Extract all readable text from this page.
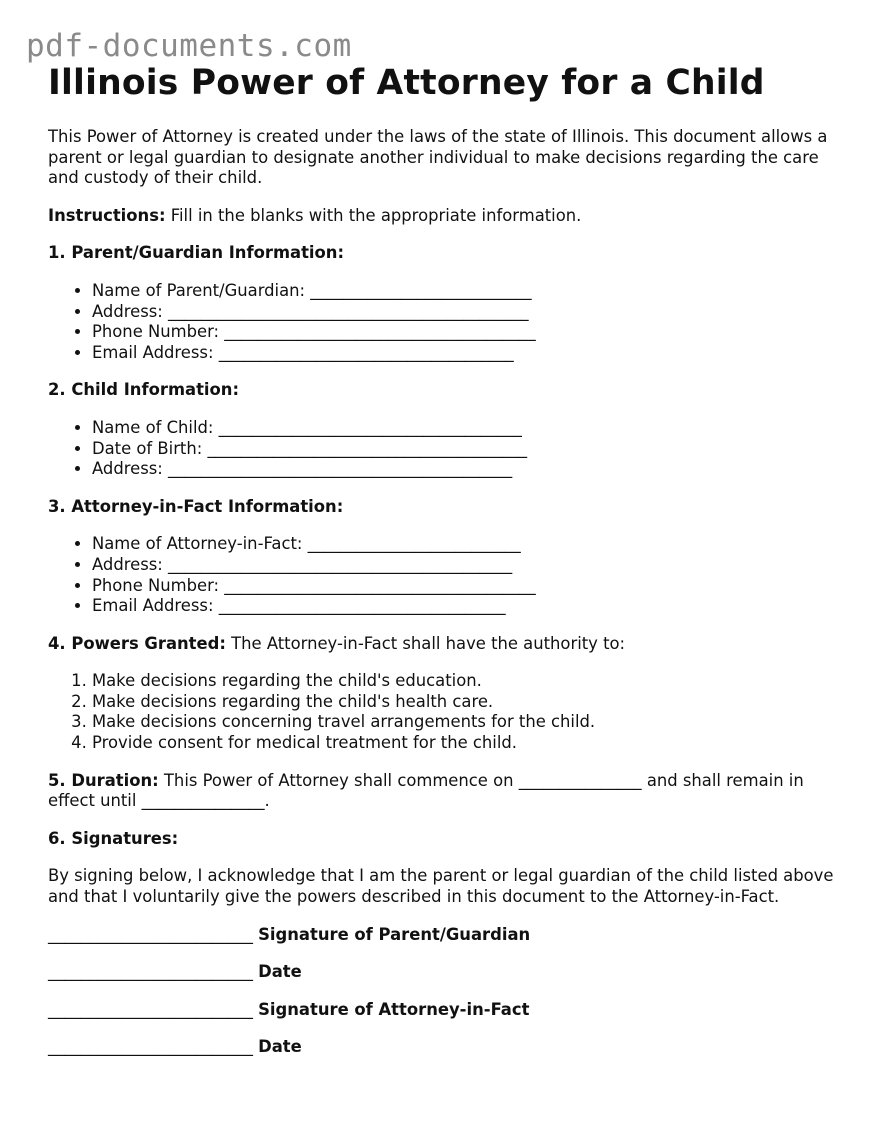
pdf-documents.com
Illinois Power of Attorney for a Child

This Power of Attorney is created under the laws of the state of Illinois. This document allows a parent or legal guardian to designate another individual to make decisions regarding the care and custody of their child.

Instructions: Fill in the blanks with the appropriate information.

1. Parent/Guardian Information:

• Name of Parent/Guardian: ___________________________
• Address: ____________________________________________
• Phone Number: ______________________________________
• Email Address: ____________________________________

2. Child Information:

• Name of Child: _____________________________________
• Date of Birth: _______________________________________
• Address: __________________________________________

3. Attorney-in-Fact Information:

• Name of Attorney-in-Fact: __________________________
• Address: __________________________________________
• Phone Number: ______________________________________
• Email Address: ___________________________________

4. Powers Granted: The Attorney-in-Fact shall have the authority to:

1. Make decisions regarding the child's education.
2. Make decisions regarding the child's health care.
3. Make decisions concerning travel arrangements for the child.
4. Provide consent for medical treatment for the child.

5. Duration: This Power of Attorney shall commence on _______________ and shall remain in effect until _______________.

6. Signatures:

By signing below, I acknowledge that I am the parent or legal guardian of the child listed above and that I voluntarily give the powers described in this document to the Attorney-in-Fact.

_________________________ Signature of Parent/Guardian
_________________________ Date
_________________________ Signature of Attorney-in-Fact
_________________________ Date
